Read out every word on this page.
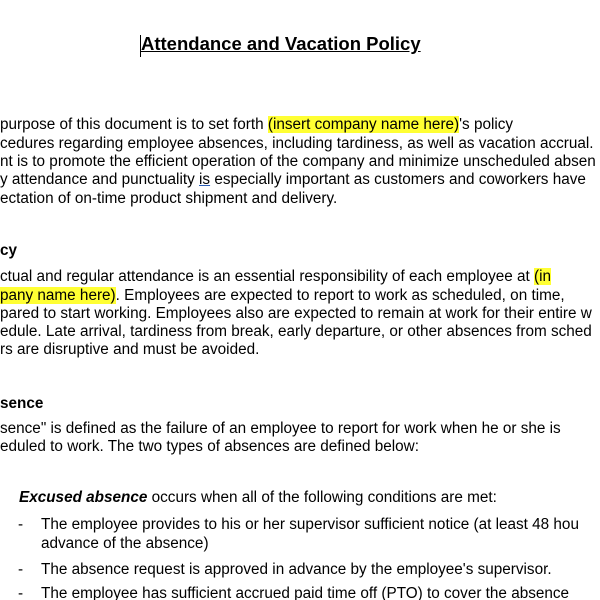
Attendance and Vacation Policy
purpose of this document is to set forth (insert company name here)'s policy
cedures regarding employee absences, including tardiness, as well as vacation accrual.
nt is to promote the efficient operation of the company and minimize unscheduled absen
y attendance and punctuality is especially important as customers and coworkers have
ectation of on-time product shipment and delivery.
cy
ctual and regular attendance is an essential responsibility of each employee at (in
pany name here). Employees are expected to report to work as scheduled, on time,
pared to start working. Employees also are expected to remain at work for their entire w
edule. Late arrival, tardiness from break, early departure, or other absences from sched
rs are disruptive and must be avoided.
sence
sence" is defined as the failure of an employee to report for work when he or she is
eduled to work. The two types of absences are defined below:
Excused absence occurs when all of the following conditions are met:
- The employee provides to his or her supervisor sufficient notice (at least 48 hou
advance of the absence)
- The absence request is approved in advance by the employee's supervisor.
- The employee has sufficient accrued paid time off (PTO) to cover the absence
